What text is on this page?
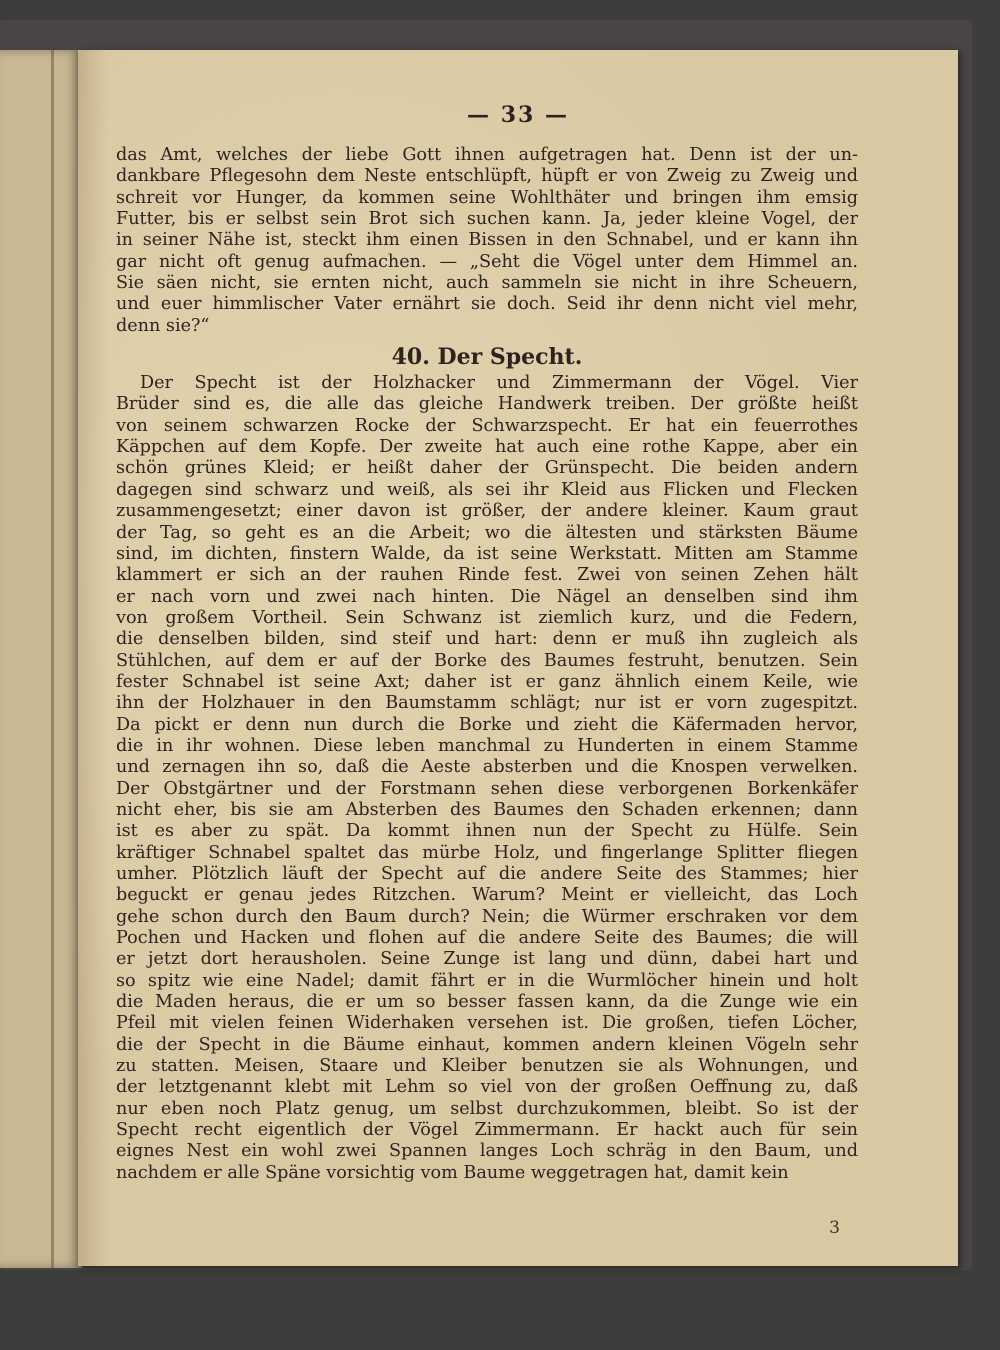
— 33 —
das Amt, welches der liebe Gott ihnen aufgetragen hat. Denn ist der un-
dankbare Pflegesohn dem Neste entschlüpft, hüpft er von Zweig zu Zweig und
schreit vor Hunger, da kommen seine Wohlthäter und bringen ihm emsig
Futter, bis er selbst sein Brot sich suchen kann. Ja, jeder kleine Vogel, der
in seiner Nähe ist, steckt ihm einen Bissen in den Schnabel, und er kann ihn
gar nicht oft genug aufmachen. — „Seht die Vögel unter dem Himmel an.
Sie säen nicht, sie ernten nicht, auch sammeln sie nicht in ihre Scheuern,
und euer himmlischer Vater ernährt sie doch. Seid ihr denn nicht viel mehr,
denn sie?“
40. Der Specht.
Der Specht ist der Holzhacker und Zimmermann der Vögel. Vier
Brüder sind es, die alle das gleiche Handwerk treiben. Der größte heißt
von seinem schwarzen Rocke der Schwarzspecht. Er hat ein feuerrothes
Käppchen auf dem Kopfe. Der zweite hat auch eine rothe Kappe, aber ein
schön grünes Kleid; er heißt daher der Grünspecht. Die beiden andern
dagegen sind schwarz und weiß, als sei ihr Kleid aus Flicken und Flecken
zusammengesetzt; einer davon ist größer, der andere kleiner. Kaum graut
der Tag, so geht es an die Arbeit; wo die ältesten und stärksten Bäume
sind, im dichten, finstern Walde, da ist seine Werkstatt. Mitten am Stamme
klammert er sich an der rauhen Rinde fest. Zwei von seinen Zehen hält
er nach vorn und zwei nach hinten. Die Nägel an denselben sind ihm
von großem Vortheil. Sein Schwanz ist ziemlich kurz, und die Federn,
die denselben bilden, sind steif und hart: denn er muß ihn zugleich als
Stühlchen, auf dem er auf der Borke des Baumes festruht, benutzen. Sein
fester Schnabel ist seine Axt; daher ist er ganz ähnlich einem Keile, wie
ihn der Holzhauer in den Baumstamm schlägt; nur ist er vorn zugespitzt.
Da pickt er denn nun durch die Borke und zieht die Käfermaden hervor,
die in ihr wohnen. Diese leben manchmal zu Hunderten in einem Stamme
und zernagen ihn so, daß die Aeste absterben und die Knospen verwelken.
Der Obstgärtner und der Forstmann sehen diese verborgenen Borkenkäfer
nicht eher, bis sie am Absterben des Baumes den Schaden erkennen; dann
ist es aber zu spät. Da kommt ihnen nun der Specht zu Hülfe. Sein
kräftiger Schnabel spaltet das mürbe Holz, und fingerlange Splitter fliegen
umher. Plötzlich läuft der Specht auf die andere Seite des Stammes; hier
beguckt er genau jedes Ritzchen. Warum? Meint er vielleicht, das Loch
gehe schon durch den Baum durch? Nein; die Würmer erschraken vor dem
Pochen und Hacken und flohen auf die andere Seite des Baumes; die will
er jetzt dort herausholen. Seine Zunge ist lang und dünn, dabei hart und
so spitz wie eine Nadel; damit fährt er in die Wurmlöcher hinein und holt
die Maden heraus, die er um so besser fassen kann, da die Zunge wie ein
Pfeil mit vielen feinen Widerhaken versehen ist. Die großen, tiefen Löcher,
die der Specht in die Bäume einhaut, kommen andern kleinen Vögeln sehr
zu statten. Meisen, Staare und Kleiber benutzen sie als Wohnungen, und
der letztgenannt klebt mit Lehm so viel von der großen Oeffnung zu, daß
nur eben noch Platz genug, um selbst durchzukommen, bleibt. So ist der
Specht recht eigentlich der Vögel Zimmermann. Er hackt auch für sein
eignes Nest ein wohl zwei Spannen langes Loch schräg in den Baum, und
nachdem er alle Späne vorsichtig vom Baume weggetragen hat, damit kein
3
